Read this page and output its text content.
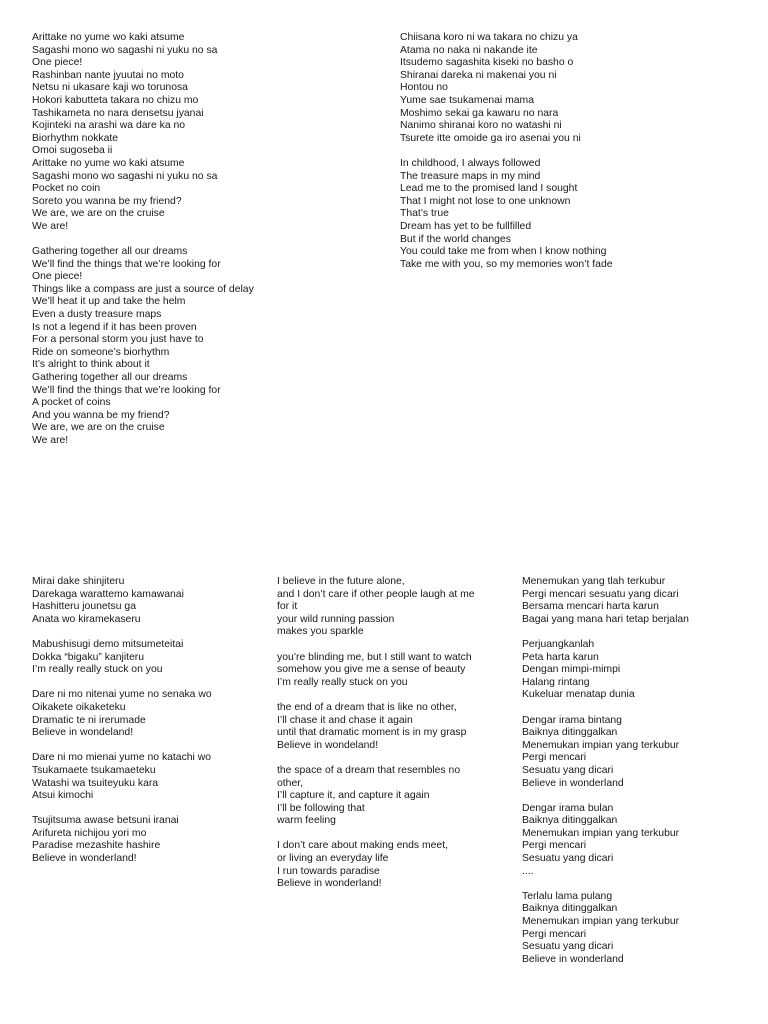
Arittake no yume wo kaki atsume
Sagashi mono wo sagashi ni yuku no sa
One piece!
Rashinban nante jyuutai no moto
Netsu ni ukasare kaji wo torunosa
Hokori kabutteta takara no chizu mo
Tashikameta no nara densetsu jyanai
Kojinteki na arashi wa dare ka no
Biorhythm nokkate
Omoi sugoseba ii
Arittake no yume wo kaki atsume
Sagashi mono wo sagashi ni yuku no sa
Pocket no coin
Soreto you wanna be my friend?
We are, we are on the cruise
We are!
Gathering together all our dreams
We’ll find the things that we’re looking for
One piece!
Things like a compass are just a source of delay
We’ll heat it up and take the helm
Even a dusty treasure maps
Is not a legend if it has been proven
For a personal storm you just have to
Ride on someone’s biorhythm
It’s alright to think about it
Gathering together all our dreams
We’ll find the things that we’re looking for
A pocket of coins
And you wanna be my friend?
We are, we are on the cruise
We are!
Chiisana koro ni wa takara no chizu ya
Atama no naka ni nakande ite
Itsudemo sagashita kiseki no basho o
Shiranai dareka ni makenai you ni
Hontou no
Yume sae tsukamenai mama
Moshimo sekai ga kawaru no nara
Nanimo shiranai koro no watashi ni
Tsurete itte omoide ga iro asenai you ni
In childhood, I always followed
The treasure maps in my mind
Lead me to the promised land I sought
That I might not lose to one unknown
That’s true
Dream has yet to be fullfilled
But if the world changes
You could take me from when I know nothing
Take me with you, so my memories won’t fade
Mirai dake shinjiteru
Darekaga warattemo kamawanai
Hashitteru jounetsu ga
Anata wo kiramekaseru
Mabushisugi demo mitsumeteitai
Dokka “bigaku” kanjiteru
I’m really really stuck on you
Dare ni mo nitenai yume no senaka wo
Oikakete oikaketeku
Dramatic te ni irerumade
Believe in wondeland!
Dare ni mo mienai yume no katachi wo
Tsukamaete tsukamaeteku
Watashi wa tsuiteyuku kara
Atsui kimochi
Tsujitsuma awase betsuni iranai
Arifureta nichijou yori mo
Paradise mezashite hashire
Believe in wonderland!
I believe in the future alone,
and I don’t care if other people laugh at me
for it
your wild running passion
makes you sparkle
you’re blinding me, but I still want to watch
somehow you give me a sense of beauty
I’m really really stuck on you
the end of a dream that is like no other,
I’ll chase it and chase it again
until that dramatic moment is in my grasp
Believe in wondeland!
the space of a dream that resembles no
other,
I’ll capture it, and capture it again
I’ll be following that
warm feeling
I don’t care about making ends meet,
or living an everyday life
I run towards paradise
Believe in wonderland!
Menemukan yang tlah terkubur
Pergi mencari sesuatu yang dicari
Bersama mencari harta karun
Bagai yang mana hari tetap berjalan
Perjuangkanlah
Peta harta karun
Dengan mimpi-mimpi
Halang rintang
Kukeluar menatap dunia
Dengar irama bintang
Baiknya ditinggalkan
Menemukan impian yang terkubur
Pergi mencari
Sesuatu yang dicari
Believe in wonderland
Dengar irama bulan
Baiknya ditinggalkan
Menemukan impian yang terkubur
Pergi mencari
Sesuatu yang dicari
....
Terlalu lama pulang
Baiknya ditinggalkan
Menemukan impian yang terkubur
Pergi mencari
Sesuatu yang dicari
Believe in wonderland
